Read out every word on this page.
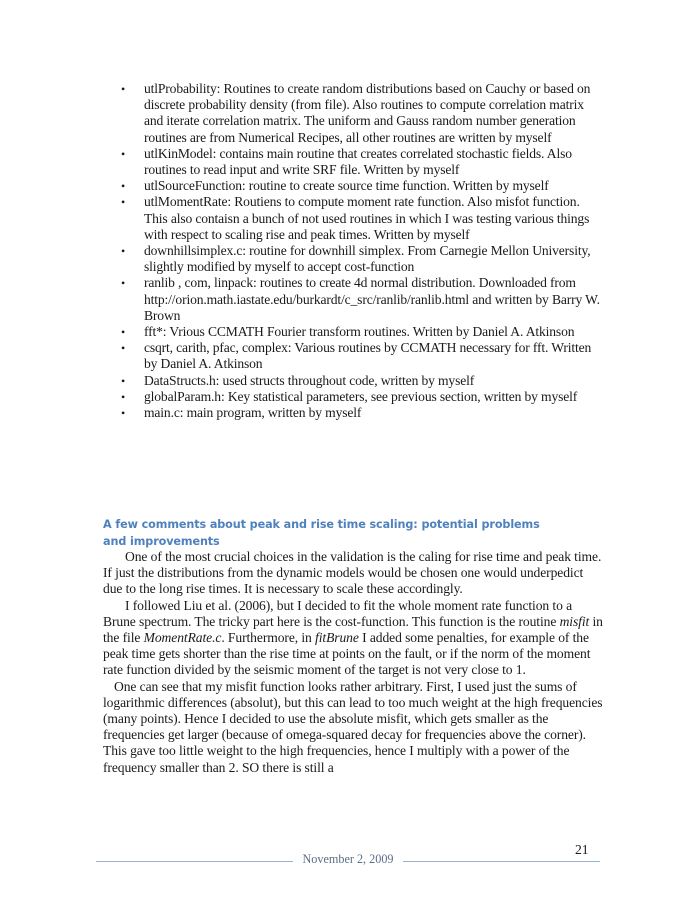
• utlProbability: Routines to create random distributions based on Cauchy or based on discrete probability density (from file). Also routines to compute correlation matrix and iterate correlation matrix. The uniform and Gauss random number generation routines are from Numerical Recipes, all other routines are written by myself
• utlKinModel: contains main routine that creates correlated stochastic fields. Also routines to read input and write SRF file. Written by myself
• utlSourceFunction: routine to create source time function. Written by myself
• utlMomentRate: Routiens to compute moment rate function. Also misfot function. This also contaisn a bunch of not used routines in which I was testing various things with respect to scaling rise and peak times. Written by myself
• downhillsimplex.c: routine for downhill simplex. From Carnegie Mellon University, slightly modified by myself to accept cost-function
• ranlib , com, linpack: routines to create 4d normal distribution. Downloaded from http://orion.math.iastate.edu/burkardt/c_src/ranlib/ranlib.html and written by Barry W. Brown
• fft*: Vrious CCMATH Fourier transform routines. Written by Daniel A. Atkinson
• csqrt, carith, pfac, complex: Various routines by CCMATH necessary for fft. Written by Daniel A. Atkinson
• DataStructs.h: used structs throughout code, written by myself
• globalParam.h: Key statistical parameters, see previous section, written by myself
• main.c: main program, written by myself
A few comments about peak and rise time scaling: potential problems and improvements

One of the most crucial choices in the validation is the caling for rise time and peak time. If just the distributions from the dynamic models would be chosen one would underpedict due to the long rise times. It is necessary to scale these accordingly.

I followed Liu et al. (2006), but I decided to fit the whole moment rate function to a Brune spectrum. The tricky part here is the cost-function. This function is the routine misfit in the file MomentRate.c. Furthermore, in fitBrune I added some penalties, for example of the peak time gets shorter than the rise time at points on the fault, or if the norm of the moment rate function divided by the seismic moment of the target is not very close to 1.

One can see that my misfit function looks rather arbitrary. First, I used just the sums of logarithmic differences (absolut), but this can lead to too much weight at the high frequencies (many points). Hence I decided to use the absolute misfit, which gets smaller as the frequencies get larger (because of omega-squared decay for frequencies above the corner). This gave too little weight to the high frequencies, hence I multiply with a power of the frequency smaller than 2. SO there is still a

November 2, 2009
21
